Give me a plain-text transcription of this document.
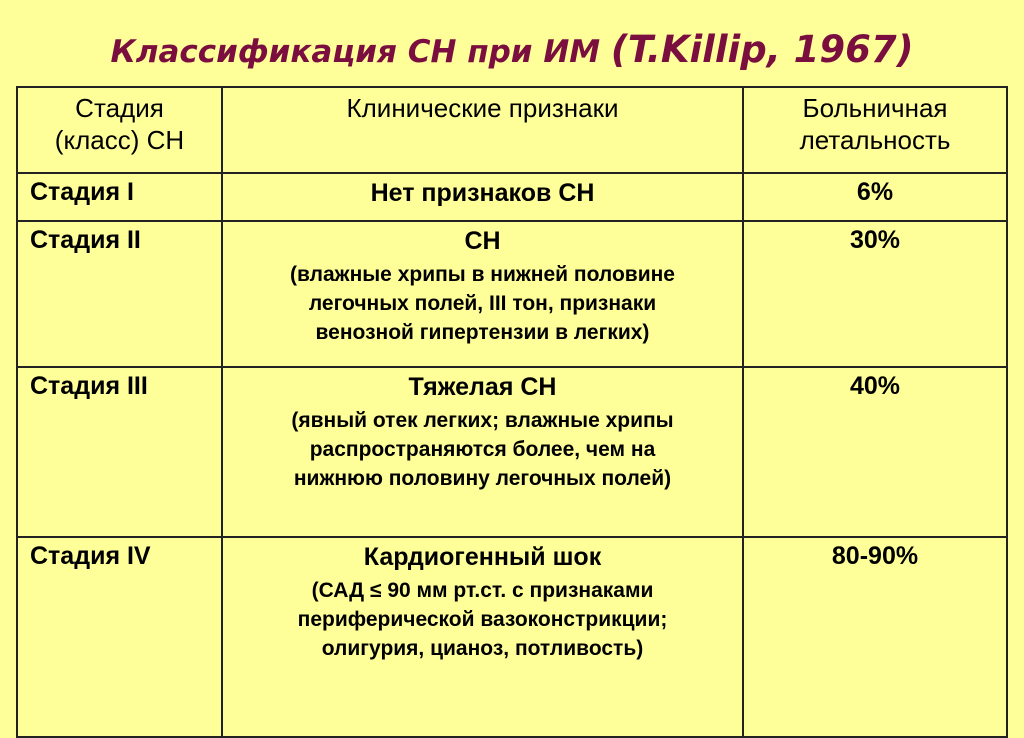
Классификация СН при ИМ (T.Killip, 1967)
Стадия
(класс) СН	Клинические признаки	Больничная
летальность
Стадия I	Нет признаков СН	6%
Стадия II	СН
(влажные хрипы в нижней половине
легочных полей, III тон, признаки
венозной гипертензии в легких)	30%
Стадия III	Тяжелая СН
(явный отек легких; влажные хрипы
распространяются более, чем на
нижнюю половину легочных полей)	40%
Стадия IV	Кардиогенный шок
(САД ≤ 90 мм рт.ст. с признаками
периферической вазоконстрикции;
олигурия, цианоз, потливость)	80-90%
